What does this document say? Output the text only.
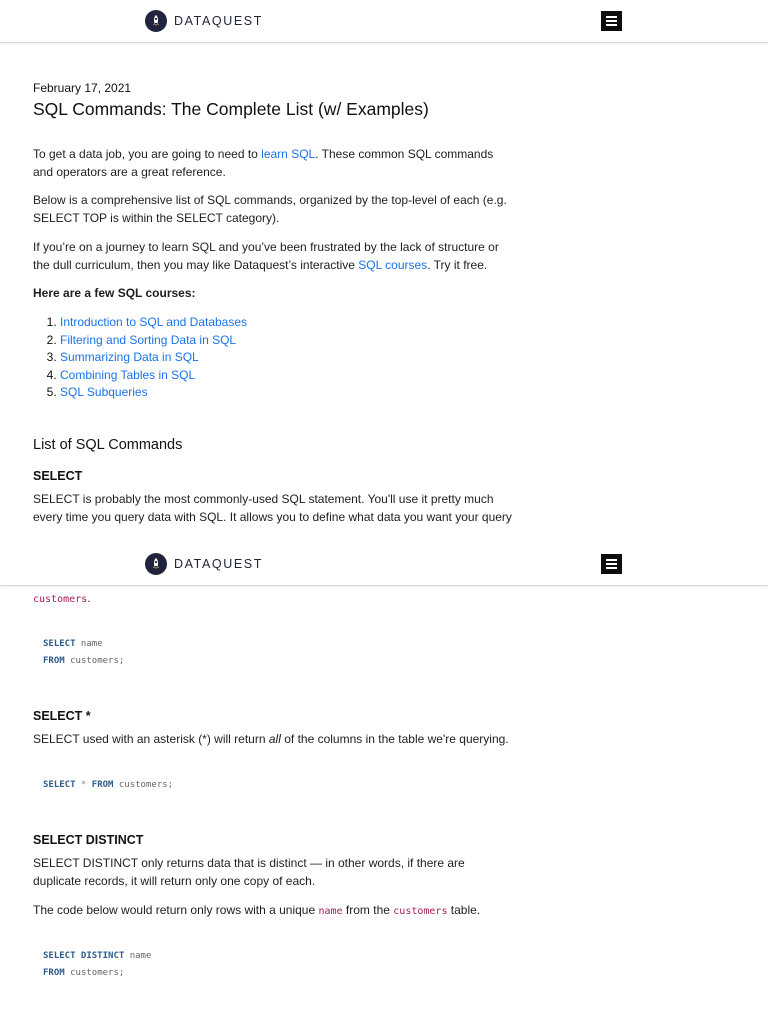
DATAQUEST
February 17, 2021
SQL Commands: The Complete List (w/ Examples)

To get a data job, you are going to need to learn SQL. These common SQL commands and operators are a great reference.

Below is a comprehensive list of SQL commands, organized by the top-level of each (e.g. SELECT TOP is within the SELECT category).

If you’re on a journey to learn SQL and you’ve been frustrated by the lack of structure or the dull curriculum, then you may like Dataquest’s interactive SQL courses. Try it free.

Here are a few SQL courses:

1. Introduction to SQL and Databases
2. Filtering and Sorting Data in SQL
3. Summarizing Data in SQL
4. Combining Tables in SQL
5. SQL Subqueries
List of SQL Commands
SELECT

SELECT is probably the most commonly-used SQL statement. You'll use it pretty much every time you query data with SQL. It allows you to define what data you want your query

customers.

SELECT *

SELECT used with an asterisk (*) will return all of the columns in the table we're querying.

SELECT DISTINCT

SELECT DISTINCT only returns data that is distinct — in other words, if there are duplicate records, it will return only one copy of each.

The code below would return only rows with a unique name from the customers table.

SELECT name
FROM customers;
SELECT * FROM customers;
SELECT DISTINCT name
FROM customers;
DATAQUEST
